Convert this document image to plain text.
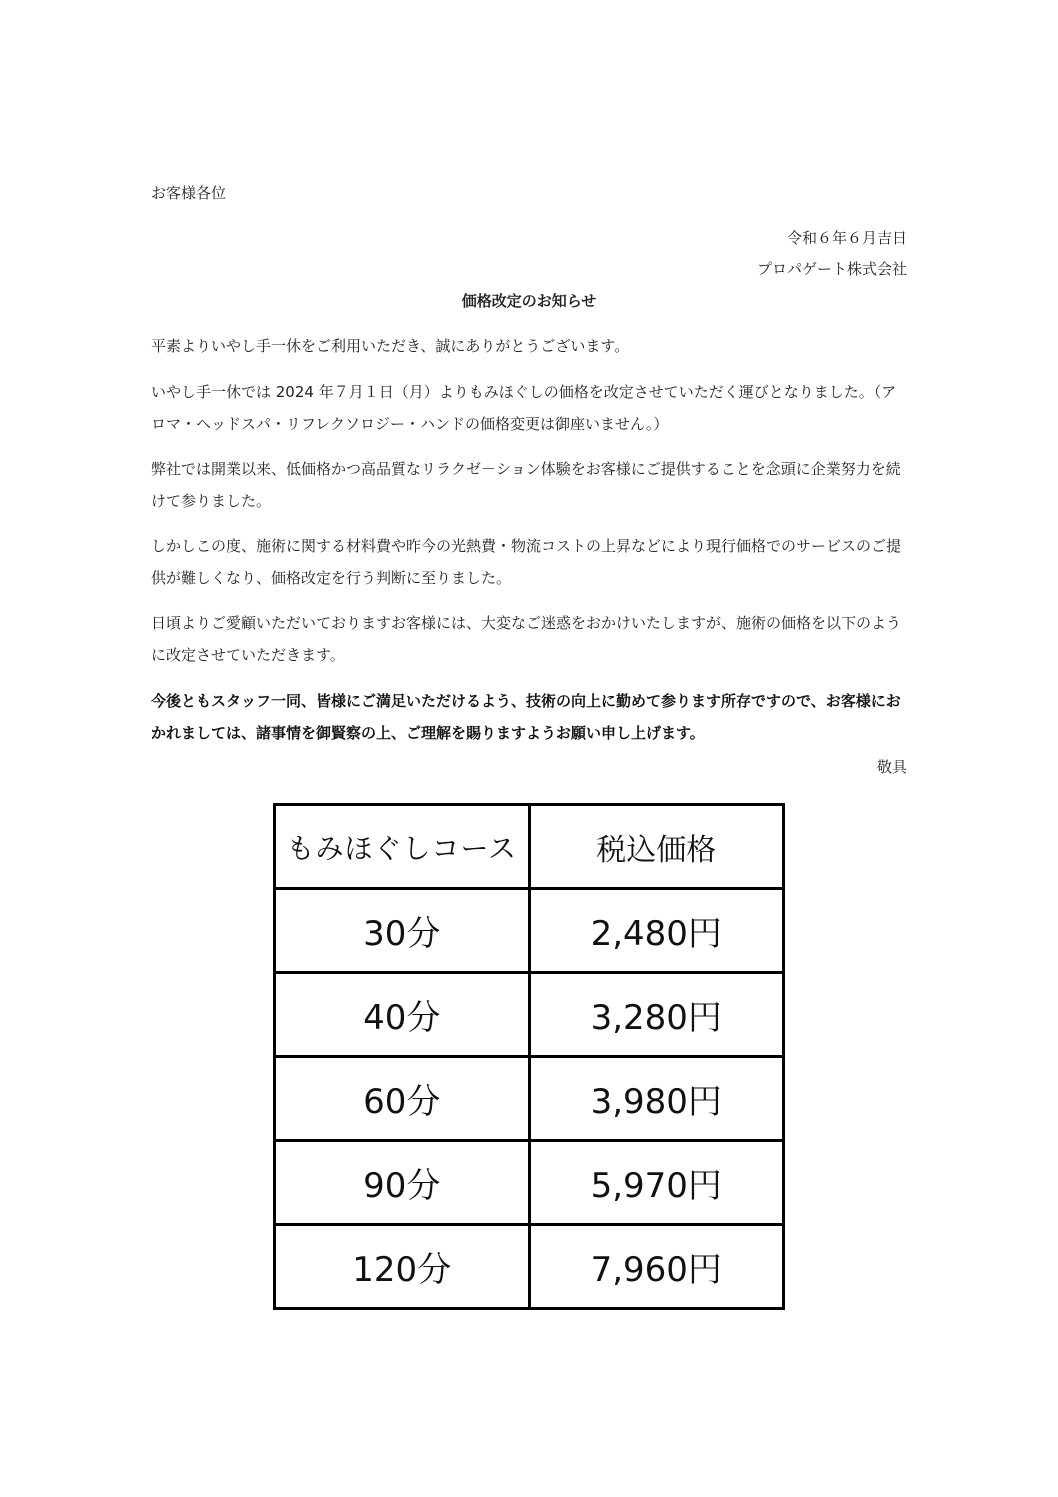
お客様各位
令和６年６月吉日
プロパゲート株式会社
価格改定のお知らせ
平素よりいやし手一休をご利用いただき、誠にありがとうございます。
いやし手一休では 2024 年７月１日（月）よりもみほぐしの価格を改定させていただく運びとなりました。（アロマ・ヘッドスパ・リフレクソロジー・ハンドの価格変更は御座いません。）
弊社では開業以来、低価格かつ高品質なリラクゼ－ション体験をお客様にご提供することを念頭に企業努力を続けて参りました。
しかしこの度、施術に関する材料費や昨今の光熱費・物流コストの上昇などにより現行価格でのサービスのご提供が難しくなり、価格改定を行う判断に至りました。
日頃よりご愛顧いただいておりますお客様には、大変なご迷惑をおかけいたしますが、施術の価格を以下のように改定させていただきます。
今後ともスタッフ一同、皆様にご満足いただけるよう、技術の向上に勤めて参ります所存ですので、お客様におかれましては、諸事情を御賢察の上、ご理解を賜りますようお願い申し上げます。
敬具
もみほぐしコース	税込価格
30分	2,480円
40分	3,280円
60分	3,980円
90分	5,970円
120分	7,960円
